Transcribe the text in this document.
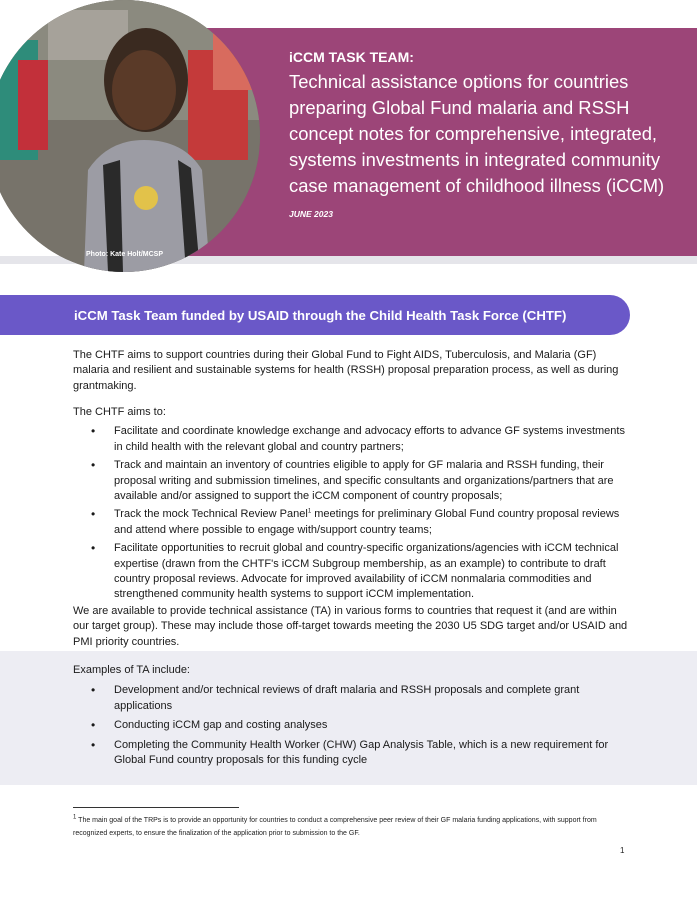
Photo: Kate Holt/MCSP

iCCM TASK TEAM:

Technical assistance options for countries preparing Global Fund malaria and RSSH concept notes for comprehensive, integrated, systems investments in integrated community case management of childhood illness (iCCM)
JUNE 2023
iCCM Task Team funded by USAID through the Child Health Task Force (CHTF)

The CHTF aims to support countries during their Global Fund to Fight AIDS, Tuberculosis, and Malaria (GF) malaria and resilient and sustainable systems for health (RSSH) proposal preparation process, as well as during grantmaking.

The CHTF aims to:

• Facilitate and coordinate knowledge exchange and advocacy efforts to advance GF systems investments in child health with the relevant global and country partners;
• Track and maintain an inventory of countries eligible to apply for GF malaria and RSSH funding, their proposal writing and submission timelines, and specific consultants and organizations/partners that are available and/or assigned to support the iCCM component of country proposals;
• Track the mock Technical Review Panel$^1$ meetings for preliminary Global Fund country proposal reviews and attend where possible to engage with/support country teams;
• Facilitate opportunities to recruit global and country-specific organizations/agencies with iCCM technical expertise (drawn from the CHTF's iCCM Subgroup membership, as an example) to contribute to draft country proposal reviews. Advocate for improved availability of iCCM nonmalaria commodities and strengthened community health systems to support iCCM implementation.

We are available to provide technical assistance (TA) in various forms to countries that request it (and are within our target group). These may include those off-target towards meeting the 2030 U5 SDG target and/or USAID and PMI priority countries.

Examples of TA include:

• Development and/or technical reviews of draft malaria and RSSH proposals and complete grant applications
• Conducting iCCM gap and costing analyses
• Completing the Community Health Worker (CHW) Gap Analysis Table, which is a new requirement for Global Fund country proposals for this funding cycle
$^1$ The main goal of the TRPs is to provide an opportunity for countries to conduct a comprehensive peer review of their GF malaria funding applications, with support from recognized experts, to ensure the finalization of the application prior to submission to the GF.
1
